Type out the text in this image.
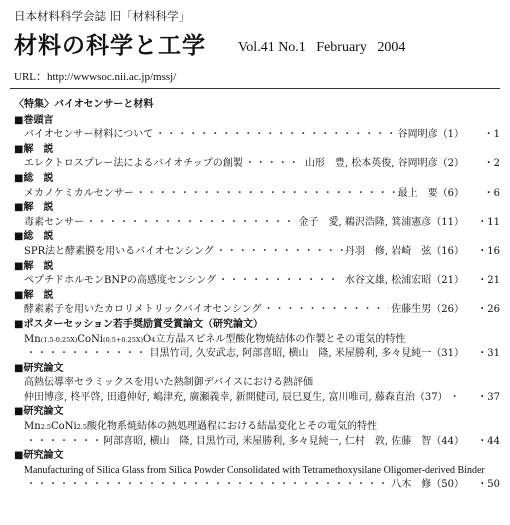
日本材料科学会誌 旧「材料科学」
材料の科学と工学 Vol.41 No.1   February   2004
URL：http://wwwsoc.nii.ac.jp/mssj/
〈特集〉バイオセンサーと材料
■巻頭言
バイオセンサー材料について ・・・・・・・・・・・・・・・・・・・・・・・・・・・・・・・・・・・・・・・・・・・・・・・・・・・・・・・・・・・・・・・・・・・・・・・・・	谷岡明彦（1）	・1
■解　説
エレクトロスプレー法によるバイオチップの創製 ・・・・・・・・・・・・・・・・・・・・・・・・・・・・・・・・・・・・・・・・・・・・・・・・・・・・・・・・・・・・・・・・・・・・・・・・・	山形　豊, 松本英俊, 谷岡明彦（2）	・2
■総　説
メカノケミカルセンサー ・・・・・・・・・・・・・・・・・・・・・・・・・・・・・・・・・・・・・・・・・・・・・・・・・・・・・・・・・・・・・・・・・・・・・・・・・	最上　要（6）	・6
■解　説
毒素センサー ・・・・・・・・・・・・・・・・・・・・・・・・・・・・・・・・・・・・・・・・・・・・・・・・・・・・・・・・・・・・・・・・・・・・・・・・・	金子　愛, 鵜沢浩隆, 箕浦憲彦（11）	・11
■総　説
SPR法と酵素膜を用いるバイオセンシング ・・・・・・・・・・・・・・・・・・・・・・・・・・・・・・・・・・・・・・・・・・・・・・・・・・・・・・・・・・・・・・・・・・・・・・・・・	丹羽　修, 岩崎　弦（16）	・16
■解　説
ペプチドホルモンBNPの高感度センシング ・・・・・・・・・・・・・・・・・・・・・・・・・・・・・・・・・・・・・・・・・・・・・・・・・・・・・・・・・・・・・・・・・・・・・・・・・	水谷文雄, 松浦宏昭（21）	・21
■解　説
酵素素子を用いたカロリメトリックバイオセンシング ・・・・・・・・・・・・・・・・・・・・・・・・・・・・・・・・・・・・・・・・・・・・・・・・・・・・・・・・・・・・・・・・・・・・・・・・・	佐藤生男（26）	・26
■ポスターセッション若手奨励賞受賞論文（研究論文）
Mn (1.5-0.25X) CoNi (0.5+0.25X) O 4 立方晶スピネル型酸化物焼結体の作製とその電気的特性
・・・・・・・・・・・・・・・・・・・・・・・・・・・・・・・・・・・・・・・・・・・・・・・・・・・・・・・・・・・・・・・・・・・・・・・・・
目黒竹司, 久安武志, 阿部喜昭, 横山　隆, 米屋勝利, 多々見純一（31）	・31
■研究論文
高熱伝導率セラミックスを用いた熱制御デバイスにおける熱評価
仲田博彦, 柊平啓, 田邉伸好, 嶋津充, 廣瀬義幸, 新開健司, 辰巳夏生, 富川唯司, 藤森直治（37） ・・・・・・・・・・・・・・・・・・・・・・・・・・・・・・・・・・・・・・・・・・・・・・・・・・・・・・・・・・・・・・・・・・・・・・・・・	・37
■研究論文
Mn 2.5 CoNi 2.5 酸化物系焼結体の熱処理過程における結晶変化とその電気的特性
・・・・・・・・・・・・・・・・・・・・・・・・・・・・・・・・・・・・・・・・・・・・・・・・・・・・・・・・・・・・・・・・・・・・・・・・・
阿部喜昭, 横山　隆, 目黒竹司, 米屋勝利, 多々見純一, 仁村　敦, 佐藤　智（44）	・44
■研究論文
Manufacturing of Silica Glass from Silica Powder Consolidated with Tetramethoxysilane Oligomer-derived Binder
・・・・・・・・・・・・・・・・・・・・・・・・・・・・・・・・・・・・・・・・・・・・・・・・・・・・・・・・・・・・・・・・・・・・・・・・・
八木　修（50）	・50
